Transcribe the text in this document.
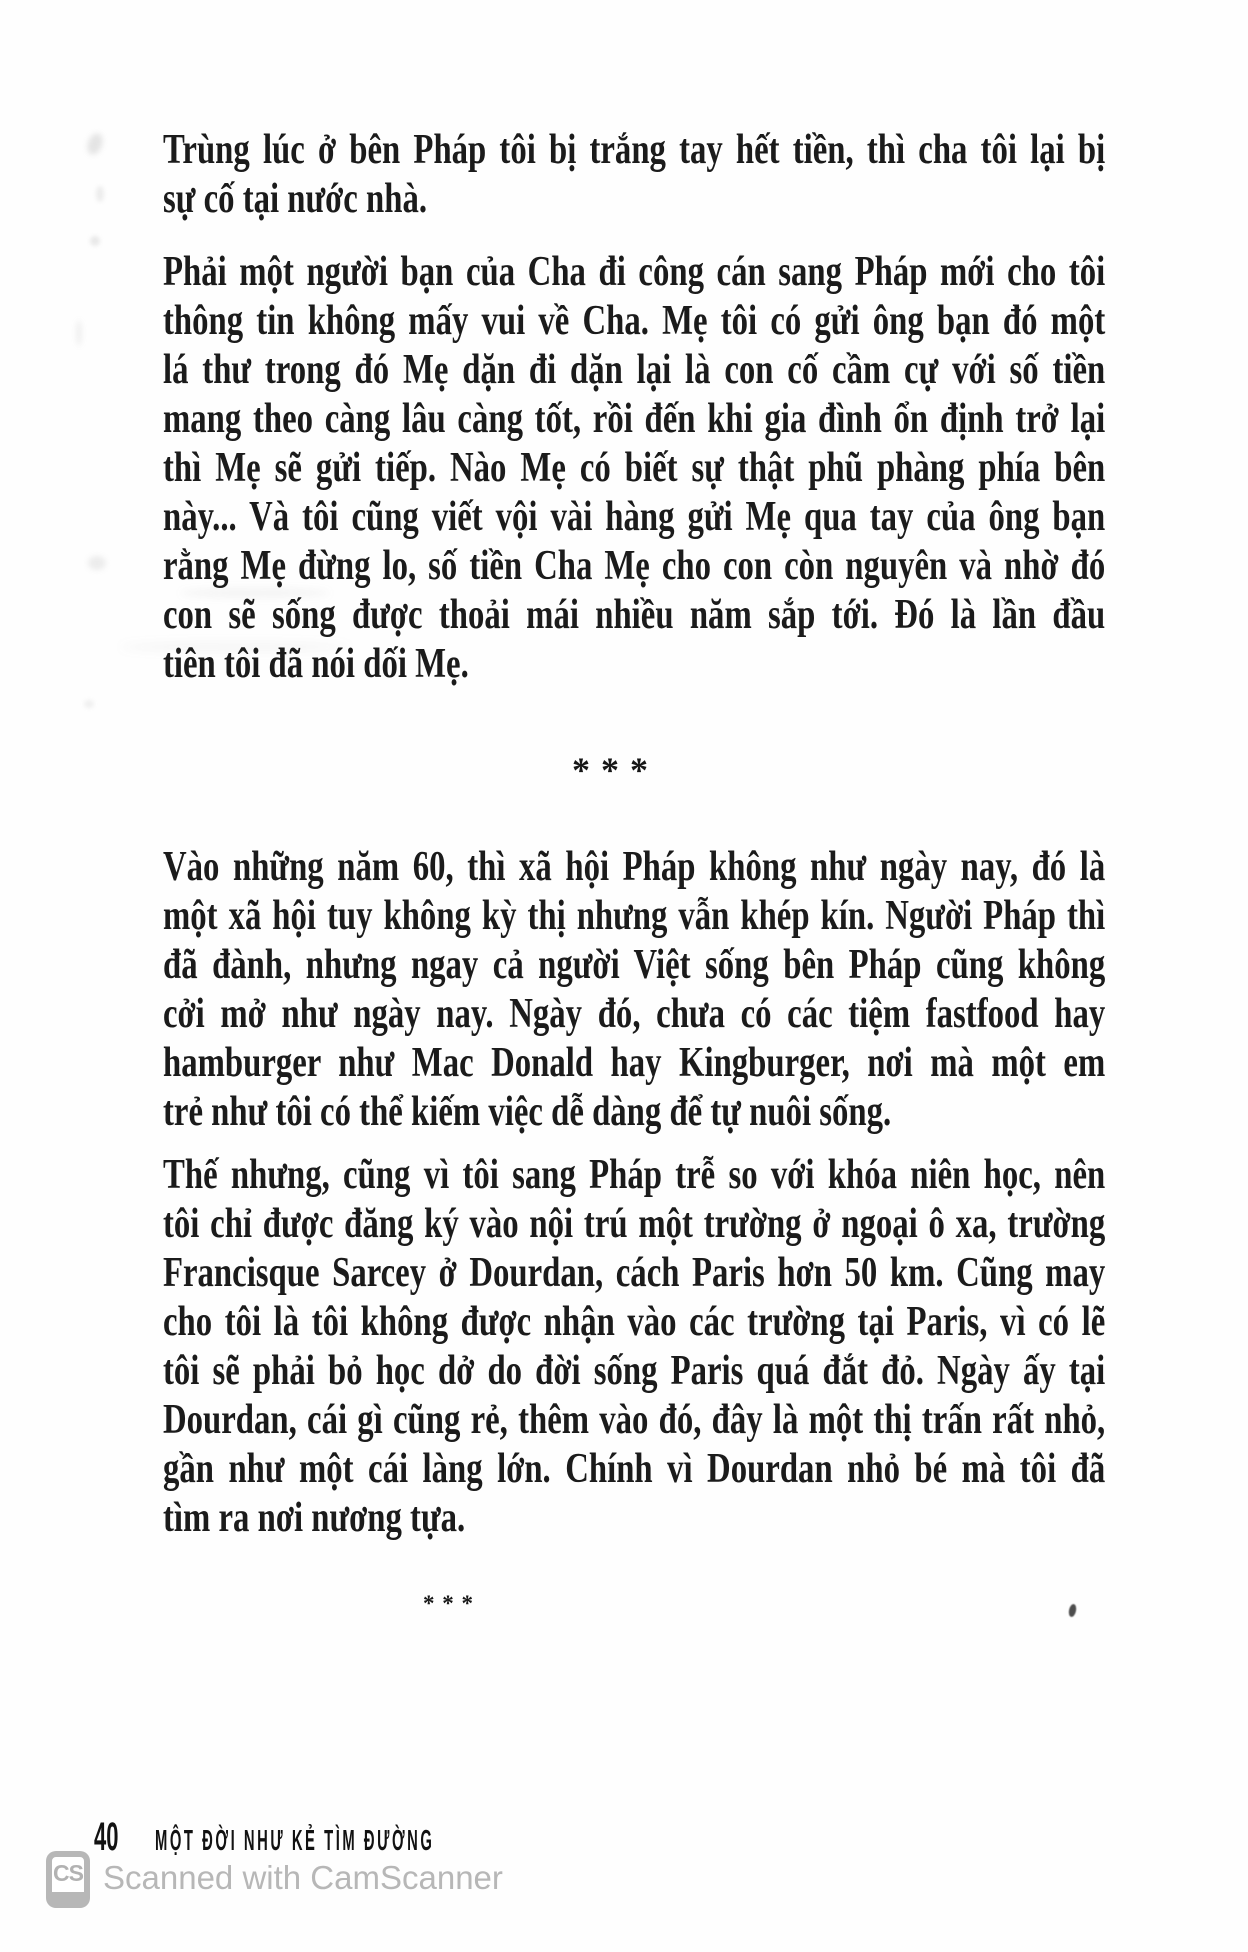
Trùng lúc ở bên Pháp tôi bị trắng tay hết tiền, thì cha tôi lại bị
sự cố tại nước nhà.
Phải một người bạn của Cha đi công cán sang Pháp mới cho tôi
thông tin không mấy vui về Cha. Mẹ tôi có gửi ông bạn đó một
lá thư trong đó Mẹ dặn đi dặn lại là con cố cầm cự với số tiền
mang theo càng lâu càng tốt, rồi đến khi gia đình ổn định trở lại
thì Mẹ sẽ gửi tiếp. Nào Mẹ có biết sự thật phũ phàng phía bên
này... Và tôi cũng viết vội vài hàng gửi Mẹ qua tay của ông bạn
rằng Mẹ đừng lo, số tiền Cha Mẹ cho con còn nguyên và nhờ đó
con sẽ sống được thoải mái nhiều năm sắp tới. Đó là lần đầu
tiên tôi đã nói dối Mẹ.
* * *
Vào những năm 60, thì xã hội Pháp không như ngày nay, đó là
một xã hội tuy không kỳ thị nhưng vẫn khép kín. Người Pháp thì
đã đành, nhưng ngay cả người Việt sống bên Pháp cũng không
cởi mở như ngày nay. Ngày đó, chưa có các tiệm fastfood hay
hamburger như Mac Donald hay Kingburger, nơi mà một em
trẻ như tôi có thể kiếm việc dễ dàng để tự nuôi sống.
Thế nhưng, cũng vì tôi sang Pháp trễ so với khóa niên học, nên
tôi chỉ được đăng ký vào nội trú một trường ở ngoại ô xa, trường
Francisque Sarcey ở Dourdan, cách Paris hơn 50 km. Cũng may
cho tôi là tôi không được nhận vào các trường tại Paris, vì có lẽ
tôi sẽ phải bỏ học dở do đời sống Paris quá đắt đỏ. Ngày ấy tại
Dourdan, cái gì cũng rẻ, thêm vào đó, đây là một thị trấn rất nhỏ,
gần như một cái làng lớn. Chính vì Dourdan nhỏ bé mà tôi đã
tìm ra nơi nương tựa.
* * *
40 MỘT ĐỜI NHƯ KẺ TÌM ĐƯỜNG
CS Scanned with CamScanner
